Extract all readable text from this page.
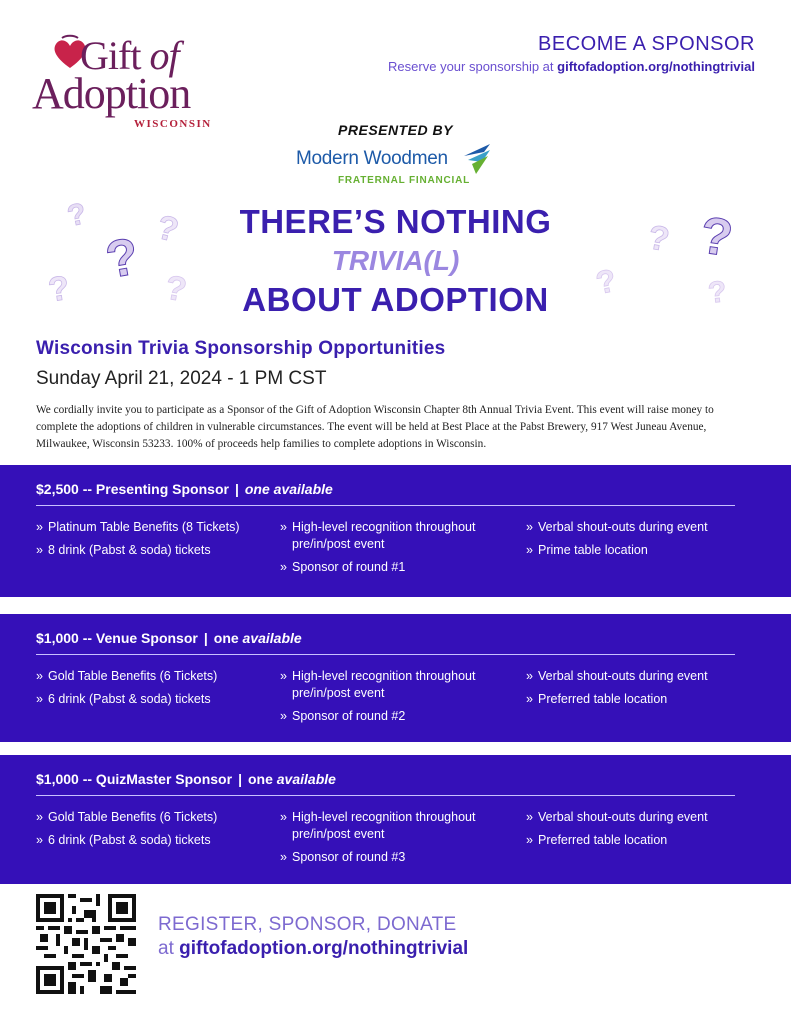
Gift of
Adoption
WISCONSIN
BECOME A SPONSOR
Reserve your sponsorship at giftofadoption.org/nothingtrivial
PRESENTED BY
Modern Woodmen
FRATERNAL FINANCIAL
?
? ?
?	?
? ?
?	?
THERE’S NOTHING
TRIVIA(L)
ABOUT ADOPTION
Wisconsin Trivia Sponsorship Opportunities
Sunday April 21, 2024 - 1 PM CST
We cordially invite you to participate as a Sponsor of the Gift of Adoption Wisconsin Chapter 8th Annual Trivia Event. This event will raise money to complete the adoptions of children in vulnerable circumstances. The event will be held at Best Place at the Pabst Brewery, 917 West Juneau Avenue, Milwaukee, Wisconsin 53233. 100% of proceeds help families to complete adoptions in Wisconsin.
$2,500 -- Presenting Sponsor | one available
» Platinum Table Benefits (8 Tickets)
» 8 drink (Pabst & soda) tickets
» High-level recognition throughout pre/in/post event
» Sponsor of round #1
» Verbal shout-outs during event
» Prime table location
$1,000 -- Venue Sponsor | one available
» Gold Table Benefits (6 Tickets)
» 6 drink (Pabst & soda) tickets
» High-level recognition throughout pre/in/post event
» Sponsor of round #2
» Verbal shout-outs during event
» Preferred table location
$1,000 -- QuizMaster Sponsor | one available
» Gold Table Benefits (6 Tickets)
» 6 drink (Pabst & soda) tickets
» High-level recognition throughout pre/in/post event
» Sponsor of round #3
» Verbal shout-outs during event
» Preferred table location
REGISTER, SPONSOR, DONATE
at giftofadoption.org/nothingtrivial
